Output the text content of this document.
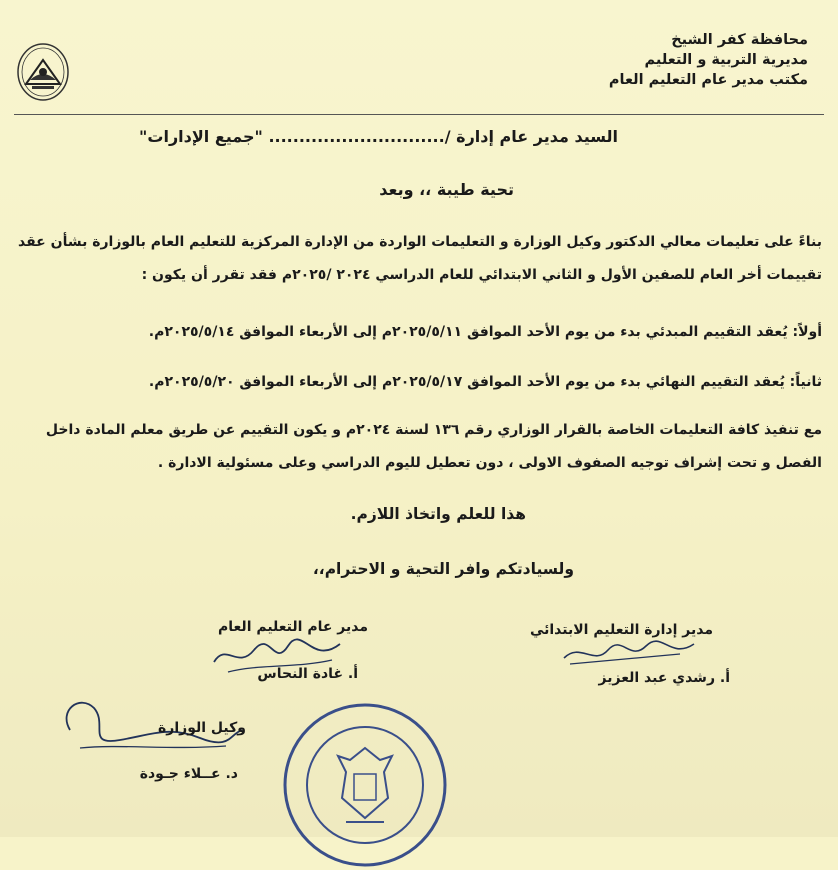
محافظة كفر الشيخ
مديرية التربية و التعليم
مكتب مدير عام التعليم العام
السيد مدير عام إدارة /............................. "جميع الإدارات"
تحية طيبة ،، وبعد
بناءً على تعليمات معالي الدكتور وكيل الوزارة و التعليمات الواردة من الإدارة المركزية للتعليم العام بالوزارة بشأن عقد تقييمات أخر العام للصفين الأول و الثاني الابتدائي للعام الدراسي ٢٠٢٤ /٢٠٢٥م فقد تقرر أن يكون :
أولاً: يُعقد التقييم المبدئي بدء من يوم الأحد الموافق ٢٠٢٥/٥/١١م إلى الأربعاء الموافق ٢٠٢٥/٥/١٤م.
ثانياً: يُعقد التقييم النهائي بدء من يوم الأحد الموافق ٢٠٢٥/٥/١٧م إلى الأربعاء الموافق ٢٠٢٥/٥/٢٠م.
مع تنفيذ كافة التعليمات الخاصة بالقرار الوزاري رقم ١٣٦ لسنة ٢٠٢٤م و يكون التقييم عن طريق معلم المادة داخل الفصل و تحت إشراف توجيه الصفوف الاولى ، دون تعطيل لليوم الدراسي وعلى مسئولية الادارة .
هذا للعلم واتخاذ اللازم.
ولسيادتكم وافر التحية و الاحترام،،
مدير إدارة التعليم الابتدائي
أ. رشدي عبد العزيز
مدير عام التعليم العام
أ. غادة النحاس
وكيل الوزارة
د. عــلاء جـودة
